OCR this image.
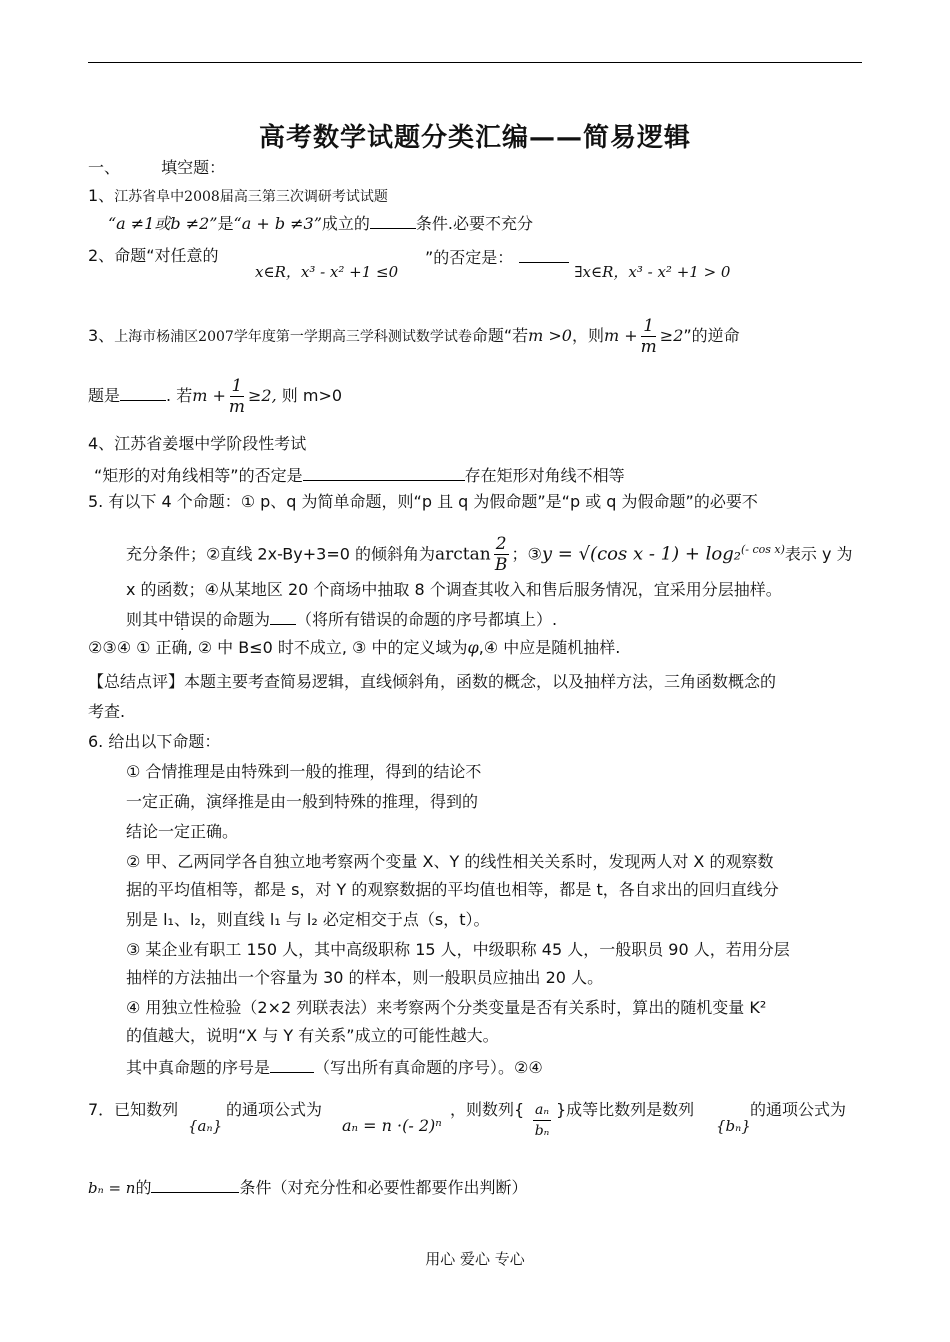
高考数学试题分类汇编——简易逻辑
一、	填空题：
1、江苏省阜中2008届高三第三次调研考试试题
“a ≠1或b ≠2”是“a + b ≠3”成立的	条件.必要不充分
2、命题“对任意的
x∈R，x³ - x² +1 ≤0
”的否定是： ∃x∈R，x³ - x² +1 > 0
3、上海市杨浦区2007学年度第一学期高三学科测试数学试卷命题“若m >0，则$m + \frac{1}{m} \ge 2$”的逆命
题是	. 若$m + \frac{1}{m} \ge 2$, 则 m>0
4、江苏省姜堰中学阶段性考试
“矩形的对角线相等”的否定是	存在矩形对角线不相等
5. 有以下 4 个命题：① p、q 为简单命题，则“p 且 q 为假命题”是“p 或 q 为假命题”的必要不
充分条件；②直线 2x-By+3=0 的倾斜角为$\arctan \frac{2}{B}$ ；③y = √(cos x - 1) + log₂$^{(- cos x)}$表示 y 为
x 的函数；④从某地区 20 个商场中抽取 8 个调查其收入和售后服务情况，宜采用分层抽样。
则其中错误的命题为 （将所有错误的命题的序号都填上）.
②③④ ① 正确, ② 中 B≤0 时不成立, ③ 中的定义域为φ,④ 中应是随机抽样.
【总结点评】本题主要考查简易逻辑，直线倾斜角，函数的概念，以及抽样方法，三角函数概念的
考查.
6. 给出以下命题：
① 合情推理是由特殊到一般的推理，得到的结论不
一定正确，演绎推是由一般到特殊的推理，得到的
结论一定正确。
② 甲、乙两同学各自独立地考察两个变量 X、Y 的线性相关关系时，发现两人对 X 的观察数
据的平均值相等，都是 s，对 Y 的观察数据的平均值也相等，都是 t，各自求出的回归直线分
别是 l₁、l₂，则直线 l₁ 与 l₂ 必定相交于点（s，t）。
③ 某企业有职工 150 人，其中高级职称 15 人，中级职称 45 人，一般职员 90 人，若用分层
抽样的方法抽出一个容量为 30 的样本，则一般职员应抽出 20 人。
④ 用独立性检验（2×2 列联表法）来考察两个分类变量是否有关系时，算出的随机变量 K²
的值越大，说明“X 与 Y 有关系”成立的可能性越大。
其中真命题的序号是	（写出所有真命题的序号）。②④
7．已知数列
{aₙ}
的通项公式为
aₙ = n ·(- 2)ⁿ
，则数列{ $\frac{\text{aₙ}}{\text{bₙ}}$ }成等比数列是数列
{bₙ}
的通项公式为
bₙ = n的	条件（对充分性和必要性都要作出判断）
用心 爱心 专心
